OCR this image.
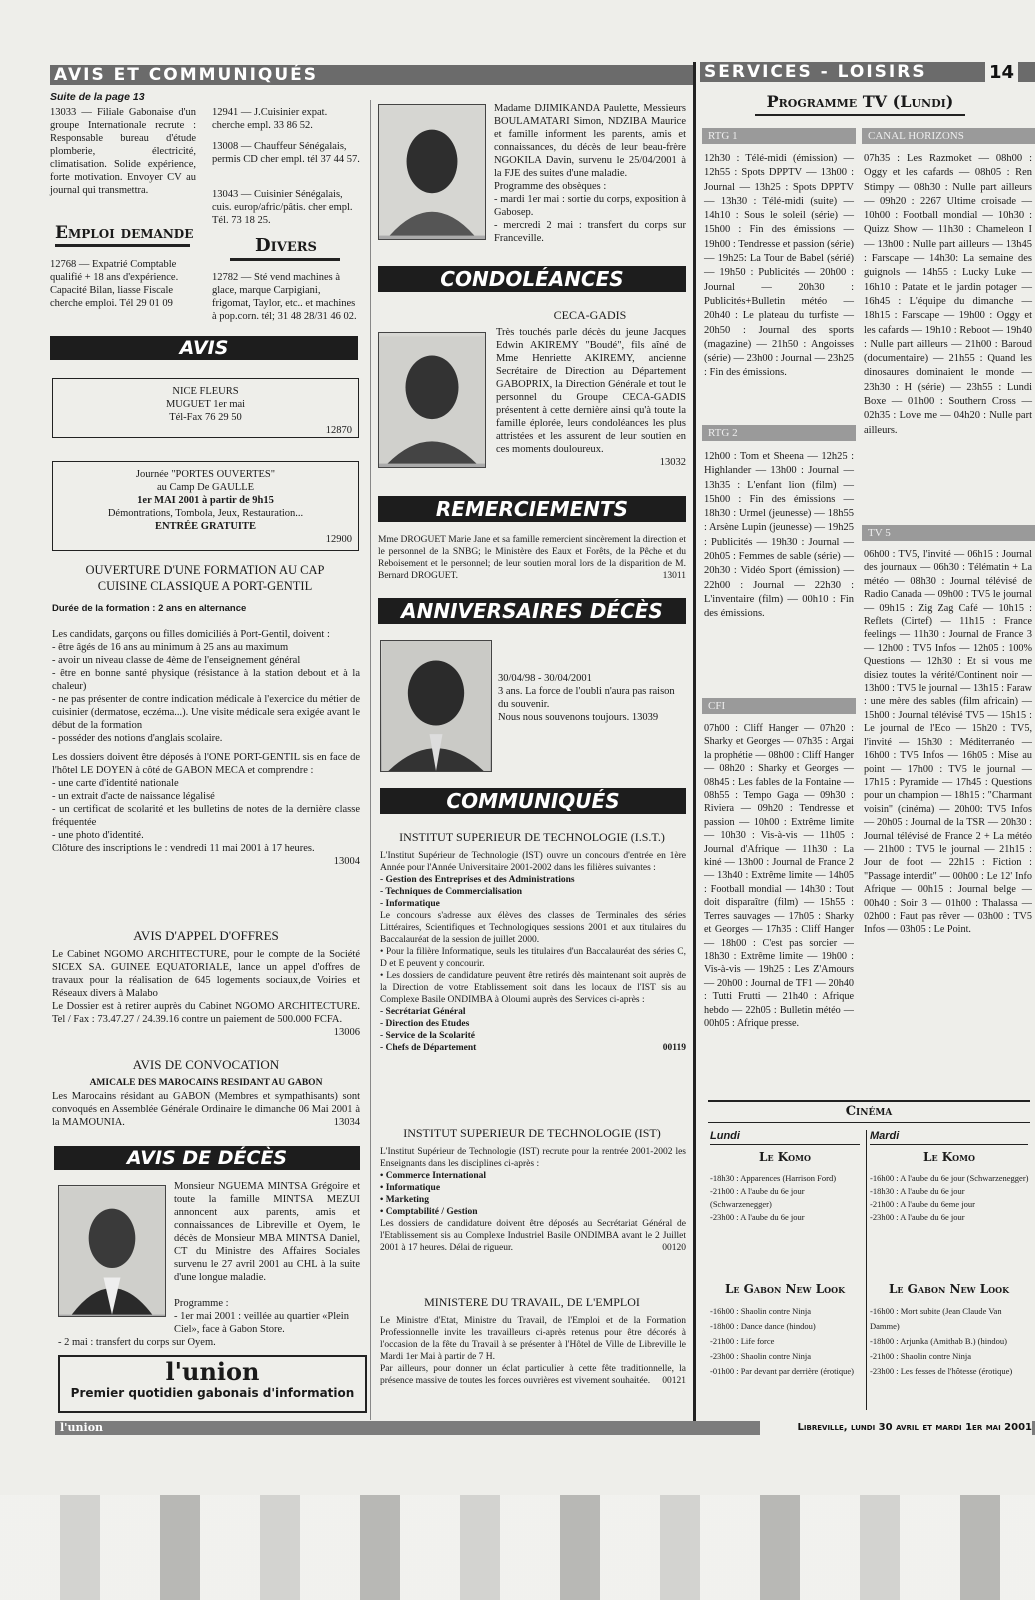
AVIS ET COMMUNIQUÉS	SERVICES - LOISIRS	14
Suite de la page 13
13033 — Filiale Gabonaise d'un groupe Internationale recrute : Responsable bureau d'étude plomberie, électricité, climatisation. Solide expérience, forte motivation. Envoyer CV au journal qui transmettra.
Emploi demande
12768 — Expatrié Comptable qualifié + 18 ans d'expérience. Capacité Bilan, liasse Fiscale cherche emploi. Tél 29 01 09
12941 — J.Cuisinier expat. cherche empl. 33 86 52.
13008 — Chauffeur Sénégalais, permis CD cher empl. tél 37 44 57.
13043 — Cuisinier Sénégalais, cuis. europ/afric/pâtis. cher empl. Tél. 73 18 25.
Divers
12782 — Sté vend machines à glace, marque Carpigiani, frigomat, Taylor, etc.. et machines à pop.corn. tél; 31 48 28/31 46 02.
AVIS
NICE FLEURS
MUGUET 1er mai
Tél-Fax 76 29 50
12870
Journée "PORTES OUVERTES"
au Camp De GAULLE
1er MAI 2001 à partir de 9h15
Démontrations, Tombola, Jeux, Restauration...
ENTRÉE GRATUITE
12900
OUVERTURE D'UNE FORMATION AU CAP CUISINE CLASSIQUE A PORT-GENTIL
Durée de la formation : 2 ans en alternance
Les candidats, garçons ou filles domiciliés à Port-Gentil, doivent :
- être âgés de 16 ans au minimum à 25 ans au maximum
- avoir un niveau classe de 4ème de l'enseignement général
- être en bonne santé physique (résistance à la station debout et à la chaleur)
- ne pas présenter de contre indication médicale à l'exercice du métier de cuisinier (dermatose, eczéma...). Une visite médicale sera exigée avant le début de la formation
- posséder des notions d'anglais scolaire.
Les dossiers doivent être déposés à l'ONE PORT-GENTIL sis en face de l'hôtel LE DOYEN à côté de GABON MECA et comprendre :
- une carte d'identité nationale
- un extrait d'acte de naissance légalisé
- un certificat de scolarité et les bulletins de notes de la dernière classe fréquentée
- une photo d'identité.
Clôture des inscriptions le : vendredi 11 mai 2001 à 17 heures.
13004
AVIS D'APPEL D'OFFRES
Le Cabinet NGOMO ARCHITECTURE, pour le compte de la Société SICEX SA. GUINEE EQUATORIALE, lance un appel d'offres de travaux pour la réalisation de 645 logements sociaux,de Voiries et Réseaux divers à Malabo
Le Dossier est à retirer auprès du Cabinet NGOMO ARCHITECTURE. Tel / Fax : 73.47.27 / 24.39.16 contre un paiement de 500.000 FCFA.
13006
AVIS DE CONVOCATION
AMICALE DES MAROCAINS RESIDANT AU GABON
Les Marocains résidant au GABON (Membres et sympathisants) sont convoqués en Assemblée Générale Ordinaire le dimanche 06 Mai 2001 à la MAMOUNIA.	13034
AVIS DE DÉCÈS
Monsieur NGUEMA MINTSA Grégoire et toute la famille MINTSA MEZUI annoncent aux parents, amis et connaissances de Libreville et Oyem, le décès de Monsieur MBA MINTSA Daniel, CT du Ministre des Affaires Sociales survenu le 27 avril 2001 au CHL à la suite d'une longue maladie.
Programme :
- 1er mai 2001 : veillée au quartier «Plein Ciel», face à Gabon Store.
- 2 mai : transfert du corps sur Oyem.
l'union
Premier quotidien gabonais d'information
Madame DJIMIKANDA Paulette, Messieurs BOULAMATARI Simon, NDZIBA Maurice et famille informent les parents, amis et connaissances, du décès de leur beau-frère NGOKILA Davin, survenu le 25/04/2001 à la FJE des suites d'une maladie.
Programme des obsèques :
- mardi 1er mai : sortie du corps, exposition à Gabosep.
- mercredi 2 mai : transfert du corps sur Franceville.
CONDOLÉANCES
CECA-GADIS
Très touchés parle décès du jeune Jacques Edwin AKIREMY "Boudé", fils aîné de Mme Henriette AKIREMY, ancienne Secrétaire de Direction au Département GABOPRIX, la Direction Générale et tout le personnel du Groupe CECA-GADIS présentent à cette dernière ainsi qu'à toute la famille éplorée, leurs condoléances les plus attristées et les assurent de leur soutien en ces moments douloureux.
13032
REMERCIEMENTS
Mme DROGUET Marie Jane et sa famille remercient sincèrement la direction et le personnel de la SNBG; le Ministère des Eaux et Forêts, de la Pêche et du Reboisement et le personnel; de leur soutien moral lors de la disparition de M. Bernard DROGUET.	13011
ANNIVERSAIRES DÉCÈS
30/04/98 - 30/04/2001
3 ans. La force de l'oubli n'aura pas raison du souvenir.
Nous nous souvenons toujours. 13039
COMMUNIQUÉS
INSTITUT SUPERIEUR DE TECHNOLOGIE (I.S.T.)
L'Institut Supérieur de Technologie (IST) ouvre un concours d'entrée en 1ère Année pour l'Année Universitaire 2001-2002 dans les filières suivantes :
- Gestion des Entreprises et des Administrations
- Techniques de Commercialisation
- Informatique
Le concours s'adresse aux élèves des classes de Terminales des séries Littéraires, Scientifiques et Technologiques sessions 2001 et aux titulaires du Baccalauréat de la session de juillet 2000.
• Pour la filière Informatique, seuls les titulaires d'un Baccalauréat des séries C, D et E peuvent y concourir.
• Les dossiers de candidature peuvent être retirés dès maintenant soit auprès de la Direction de votre Etablissement soit dans les locaux de l'IST sis au Complexe Basile ONDIMBA à Oloumi auprès des Services ci-après :
- Secrétariat Général
- Direction des Etudes
- Service de la Scolarité
- Chefs de Département	00119
INSTITUT SUPERIEUR DE TECHNOLOGIE (IST)
L'Institut Supérieur de Technologie (IST) recrute pour la rentrée 2001-2002 les Enseignants dans les disciplines ci-après :
• Commerce International
• Informatique
• Marketing
• Comptabilité / Gestion
Les dossiers de candidature doivent être déposés au Secrétariat Général de l'Etablissement sis au Complexe Industriel Basile ONDIMBA avant le 2 Juillet 2001 à 17 heures. Délai de rigueur.	00120
MINISTERE DU TRAVAIL, DE L'EMPLOI
Le Ministre d'Etat, Ministre du Travail, de l'Emploi et de la Formation Professionnelle invite les travailleurs ci-après retenus pour être décorés à l'occasion de la fête du Travail à se présenter à l'Hôtel de Ville de Libreville le Mardi 1er Mai à partir de 7 H.
Par ailleurs, pour donner un éclat particulier à cette fête traditionnelle, la présence massive de toutes les forces ouvrières est vivement souhaitée.	00121
Programme TV (Lundi)
RTG 1
12h30 : Télé-midi (émission) — 12h55 : Spots DPPTV — 13h00 : Journal — 13h25 : Spots DPPTV — 13h30 : Télé-midi (suite) — 14h10 : Sous le soleil (série) — 15h00 : Fin des émissions — 19h00 : Tendresse et passion (série) — 19h25: La Tour de Babel (sérié) — 19h50 : Publicités — 20h00 : Journal — 20h30 : Publicités+Bulletin météo — 20h40 : Le plateau du turfiste — 20h50 : Journal des sports (magazine) — 21h50 : Angoisses (série) — 23h00 : Journal — 23h25 : Fin des émissions.
RTG 2
12h00 : Tom et Sheena — 12h25 : Highlander — 13h00 : Journal — 13h35 : L'enfant lion (film) — 15h00 : Fin des émissions — 18h30 : Urmel (jeunesse) — 18h55 : Arsène Lupin (jeunesse) — 19h25 : Publicités — 19h30 : Journal — 20h05 : Femmes de sable (série) — 20h30 : Vidéo Sport (émission) — 22h00 : Journal — 22h30 : L'inventaire (film) — 00h10 : Fin des émissions.
CFI
07h00 : Cliff Hanger — 07h20 : Sharky et Georges — 07h35 : Argai la prophétie — 08h00 : Cliff Hanger — 08h20 : Sharky et Georges — 08h45 : Les fables de la Fontaine — 08h55 : Tempo Gaga — 09h30 : Riviera — 09h20 : Tendresse et passion — 10h00 : Extrême limite — 10h30 : Vis-à-vis — 11h05 : Journal d'Afrique — 11h30 : La kiné — 13h00 : Journal de France 2 — 13h40 : Extrême limite — 14h05 : Football mondial — 14h30 : Tout doit disparaître (film) — 15h55 : Terres sauvages — 17h05 : Sharky et Georges — 17h35 : Cliff Hanger — 18h00 : C'est pas sorcier — 18h30 : Extrême limite — 19h00 : Vis-à-vis — 19h25 : Les Z'Amours — 20h00 : Journal de TF1 — 20h40 : Tutti Frutti — 21h40 : Afrique hebdo — 22h05 : Bulletin météo — 00h05 : Afrique presse.
CANAL HORIZONS
07h35 : Les Razmoket — 08h00 : Oggy et les cafards — 08h05 : Ren Stimpy — 08h30 : Nulle part ailleurs — 09h20 : 2267 Ultime croisade — 10h00 : Football mondial — 10h30 : Quizz Show — 11h30 : Chameleon I — 13h00 : Nulle part ailleurs — 13h45 : Farscape — 14h30: La semaine des guignols — 14h55 : Lucky Luke — 16h10 : Patate et le jardin potager — 16h45 : L'équipe du dimanche — 18h15 : Farscape — 19h00 : Oggy et les cafards — 19h10 : Reboot — 19h40 : Nulle part ailleurs — 21h00 : Baroud (documentaire) — 21h55 : Quand les dinosaures dominaient le monde — 23h30 : H (série) — 23h55 : Lundi Boxe — 01h00 : Southern Cross — 02h35 : Love me — 04h20 : Nulle part ailleurs.
TV 5
06h00 : TV5, l'invité — 06h15 : Journal des journaux — 06h30 : Télématin + La météo — 08h30 : Journal télévisé de Radio Canada — 09h00 : TV5 le journal — 09h15 : Zig Zag Café — 10h15 : Reflets (Cirtef) — 11h15 : France feelings — 11h30 : Journal de France 3 — 12h00 : TV5 Infos — 12h05 : 100% Questions — 12h30 : Et si vous me disiez toutes la vérité/Continent noir — 13h00 : TV5 le journal — 13h15 : Faraw : une mère des sables (film africain) — 15h00 : Journal télévisé TV5 — 15h15 : Le journal de l'Eco — 15h20 : TV5, l'invité — 15h30 : Méditerranéo — 16h00 : TV5 Infos — 16h05 : Mise au point — 17h00 : TV5 le journal — 17h15 : Pyramide — 17h45 : Questions pour un champion — 18h15 : "Charmant voisin" (cinéma) — 20h00: TV5 Infos — 20h05 : Journal de la TSR — 20h30 : Journal télévisé de France 2 + La météo — 21h00 : TV5 le journal — 21h15 : Jour de foot — 22h15 : Fiction : "Passage interdit" — 00h00 : Le 12' Info Afrique — 00h15 : Journal belge — 00h40 : Soir 3 — 01h00 : Thalassa — 02h00 : Faut pas rêver — 03h00 : TV5 Infos — 03h05 : Le Point.
Cinéma
Lundi
Le Komo
-18h30 : Apparences (Harrison Ford)
-21h00 : A l'aube du 6e jour (Schwarzenegger)
-23h00 : A l'aube du 6e jour
Le Gabon New Look
-16h00 : Shaolin contre Ninja
-18h00 : Dance dance (hindou)
-21h00 : Life force
-23h00 : Shaolin contre Ninja
-01h00 : Par devant par derrière (érotique)
Mardi
Le Komo
-16h00 : A l'aube du 6e jour (Schwarzenegger)
-18h30 : A l'aube du 6e jour
-21h00 : A l'aube du 6eme jour
-23h00 : A l'aube du 6e jour
Le Gabon New Look
-16h00 : Mort subite (Jean Claude Van Damme)
-18h00 : Arjunka (Amithab B.) (hindou)
-21h00 : Shaolin contre Ninja
-23h00 : Les fesses de l'hôtesse (érotique)
l'union	Libreville, lundi 30 avril et mardi 1er mai 2001
